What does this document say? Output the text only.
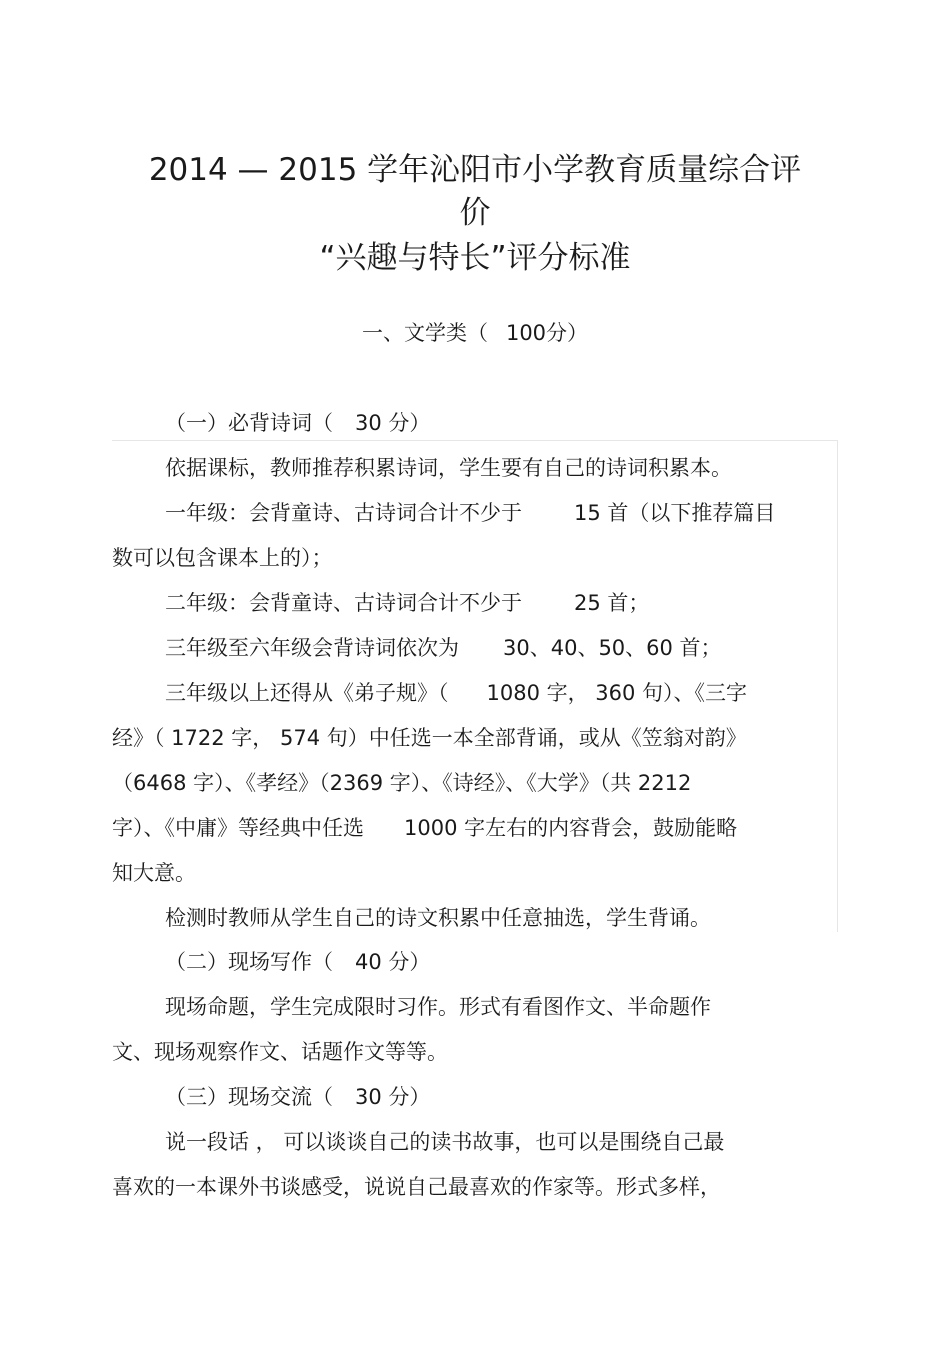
2014 — 2015 学年沁阳市小学教育质量综合评
价
“兴趣与特长”评分标准
一、文学类（ 100分）
（一）必背诗词（ 30 分）
依据课标，教师推荐积累诗词，学生要有自己的诗词积累本。
一年级：会背童诗、古诗词合计不少于 15 首（以下推荐篇目
数可以包含课本上的）；
二年级：会背童诗、古诗词合计不少于 25 首；
三年级至六年级会背诗词依次为 30、40、50、60 首；
三年级以上还得从《弟子规》（ 1080 字， 360 句）、《三字
经》（ 1722 字， 574 句）中任选一本全部背诵，或从《笠翁对韵》
（6468 字）、《孝经》（2369 字）、《诗经》、《大学》（共 2212
字）、《中庸》等经典中任选 1000 字左右的内容背会，鼓励能略
知大意。
检测时教师从学生自己的诗文积累中任意抽选，学生背诵。
（二）现场写作（ 40 分）
现场命题，学生完成限时习作。形式有看图作文、半命题作
文、现场观察作文、话题作文等等。
（三）现场交流（ 30 分）
说一段话 ， 可以谈谈自己的读书故事，也可以是围绕自己最
喜欢的一本课外书谈感受，说说自己最喜欢的作家等。形式多样，
